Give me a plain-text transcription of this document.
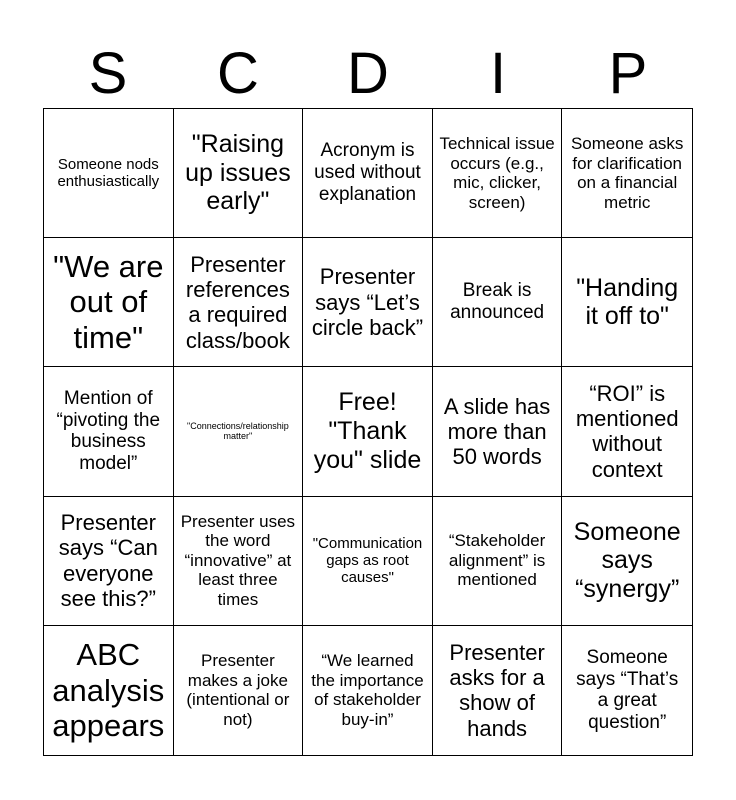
S	C	D	I	P
Someone nods enthusiastically
"Raising up issues early"
Acronym is used without explanation
Technical issue occurs (e.g., mic, clicker, screen)
Someone asks for clarification on a financial metric
"We are out of time"
Presenter references a required class/book
Presenter says “Let’s circle back”
Break is announced
"Handing it off to"
Mention of “pivoting the business model”
"Connections/relationship matter"
Free! "Thank you" slide
A slide has more than 50 words
“ROI” is mentioned without context
Presenter says “Can everyone see this?”
Presenter uses the word “innovative” at least three times
"Communication gaps as root causes"
“Stakeholder alignment” is mentioned
Someone says “synergy”
ABC analysis appears
Presenter makes a joke (intentional or not)
“We learned the importance of stakeholder buy-in”
Presenter asks for a show of hands
Someone says “That’s a great question”
